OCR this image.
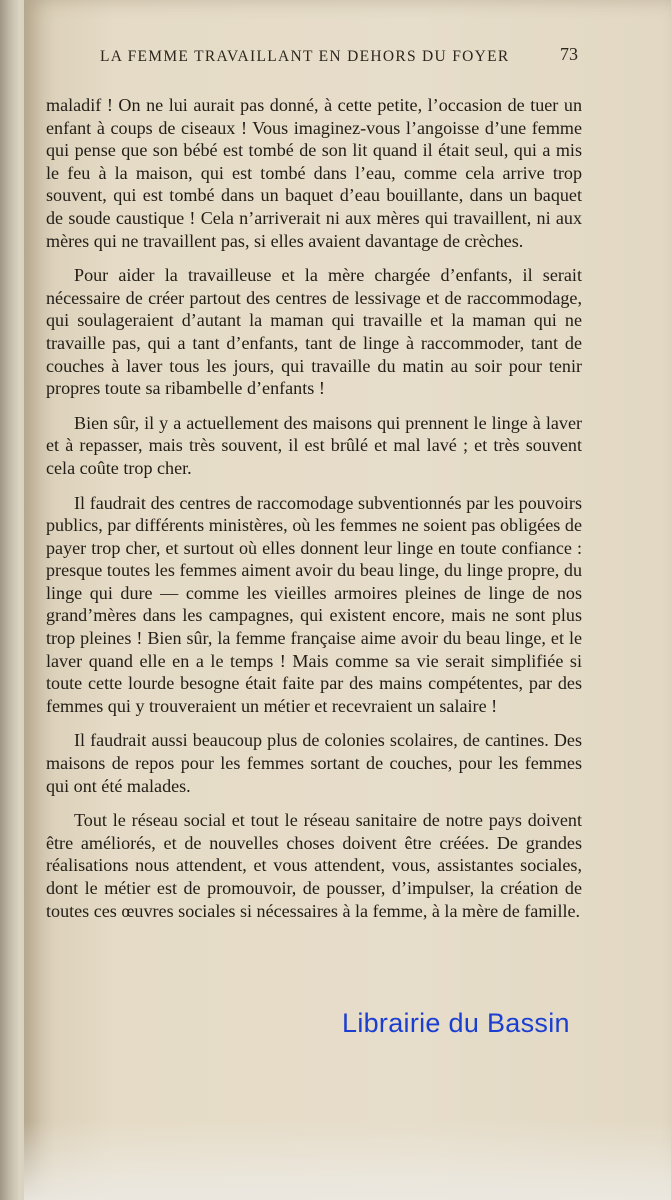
LA FEMME TRAVAILLANT EN DEHORS DU FOYER	73

maladif ! On ne lui aurait pas donné, à cette petite, l’occasion de tuer un enfant à coups de ciseaux ! Vous imaginez-vous l’angoisse d’une femme qui pense que son bébé est tombé de son lit quand il était seul, qui a mis le feu à la maison, qui est tombé dans l’eau, comme cela arrive trop souvent, qui est tombé dans un baquet d’eau bouillante, dans un baquet de soude caustique ! Cela n’arriverait ni aux mères qui travaillent, ni aux mères qui ne travaillent pas, si elles avaient davantage de crèches.

Pour aider la travailleuse et la mère chargée d’enfants, il serait nécessaire de créer partout des centres de lessivage et de raccommodage, qui soulageraient d’autant la maman qui travaille et la maman qui ne travaille pas, qui a tant d’enfants, tant de linge à raccommoder, tant de couches à laver tous les jours, qui travaille du matin au soir pour tenir propres toute sa ribambelle d’enfants !

Bien sûr, il y a actuellement des maisons qui prennent le linge à laver et à repasser, mais très souvent, il est brûlé et mal lavé ; et très souvent cela coûte trop cher.

Il faudrait des centres de raccomodage subventionnés par les pouvoirs publics, par différents ministères, où les femmes ne soient pas obligées de payer trop cher, et surtout où elles donnent leur linge en toute confiance : presque toutes les femmes aiment avoir du beau linge, du linge propre, du linge qui dure — comme les vieilles armoires pleines de linge de nos grand’mères dans les campagnes, qui existent encore, mais ne sont plus trop pleines ! Bien sûr, la femme française aime avoir du beau linge, et le laver quand elle en a le temps ! Mais comme sa vie serait simplifiée si toute cette lourde besogne était faite par des mains compétentes, par des femmes qui y trouveraient un métier et recevraient un salaire !

Il faudrait aussi beaucoup plus de colonies scolaires, de cantines. Des maisons de repos pour les femmes sortant de couches, pour les femmes qui ont été malades.

Tout le réseau social et tout le réseau sanitaire de notre pays doivent être améliorés, et de nouvelles choses doivent être créées. De grandes réalisations nous attendent, et vous attendent, vous, assistantes sociales, dont le métier est de promouvoir, de pousser, d’impulser, la création de toutes ces œuvres sociales si nécessaires à la femme, à la mère de famille.

Librairie du Bassin
